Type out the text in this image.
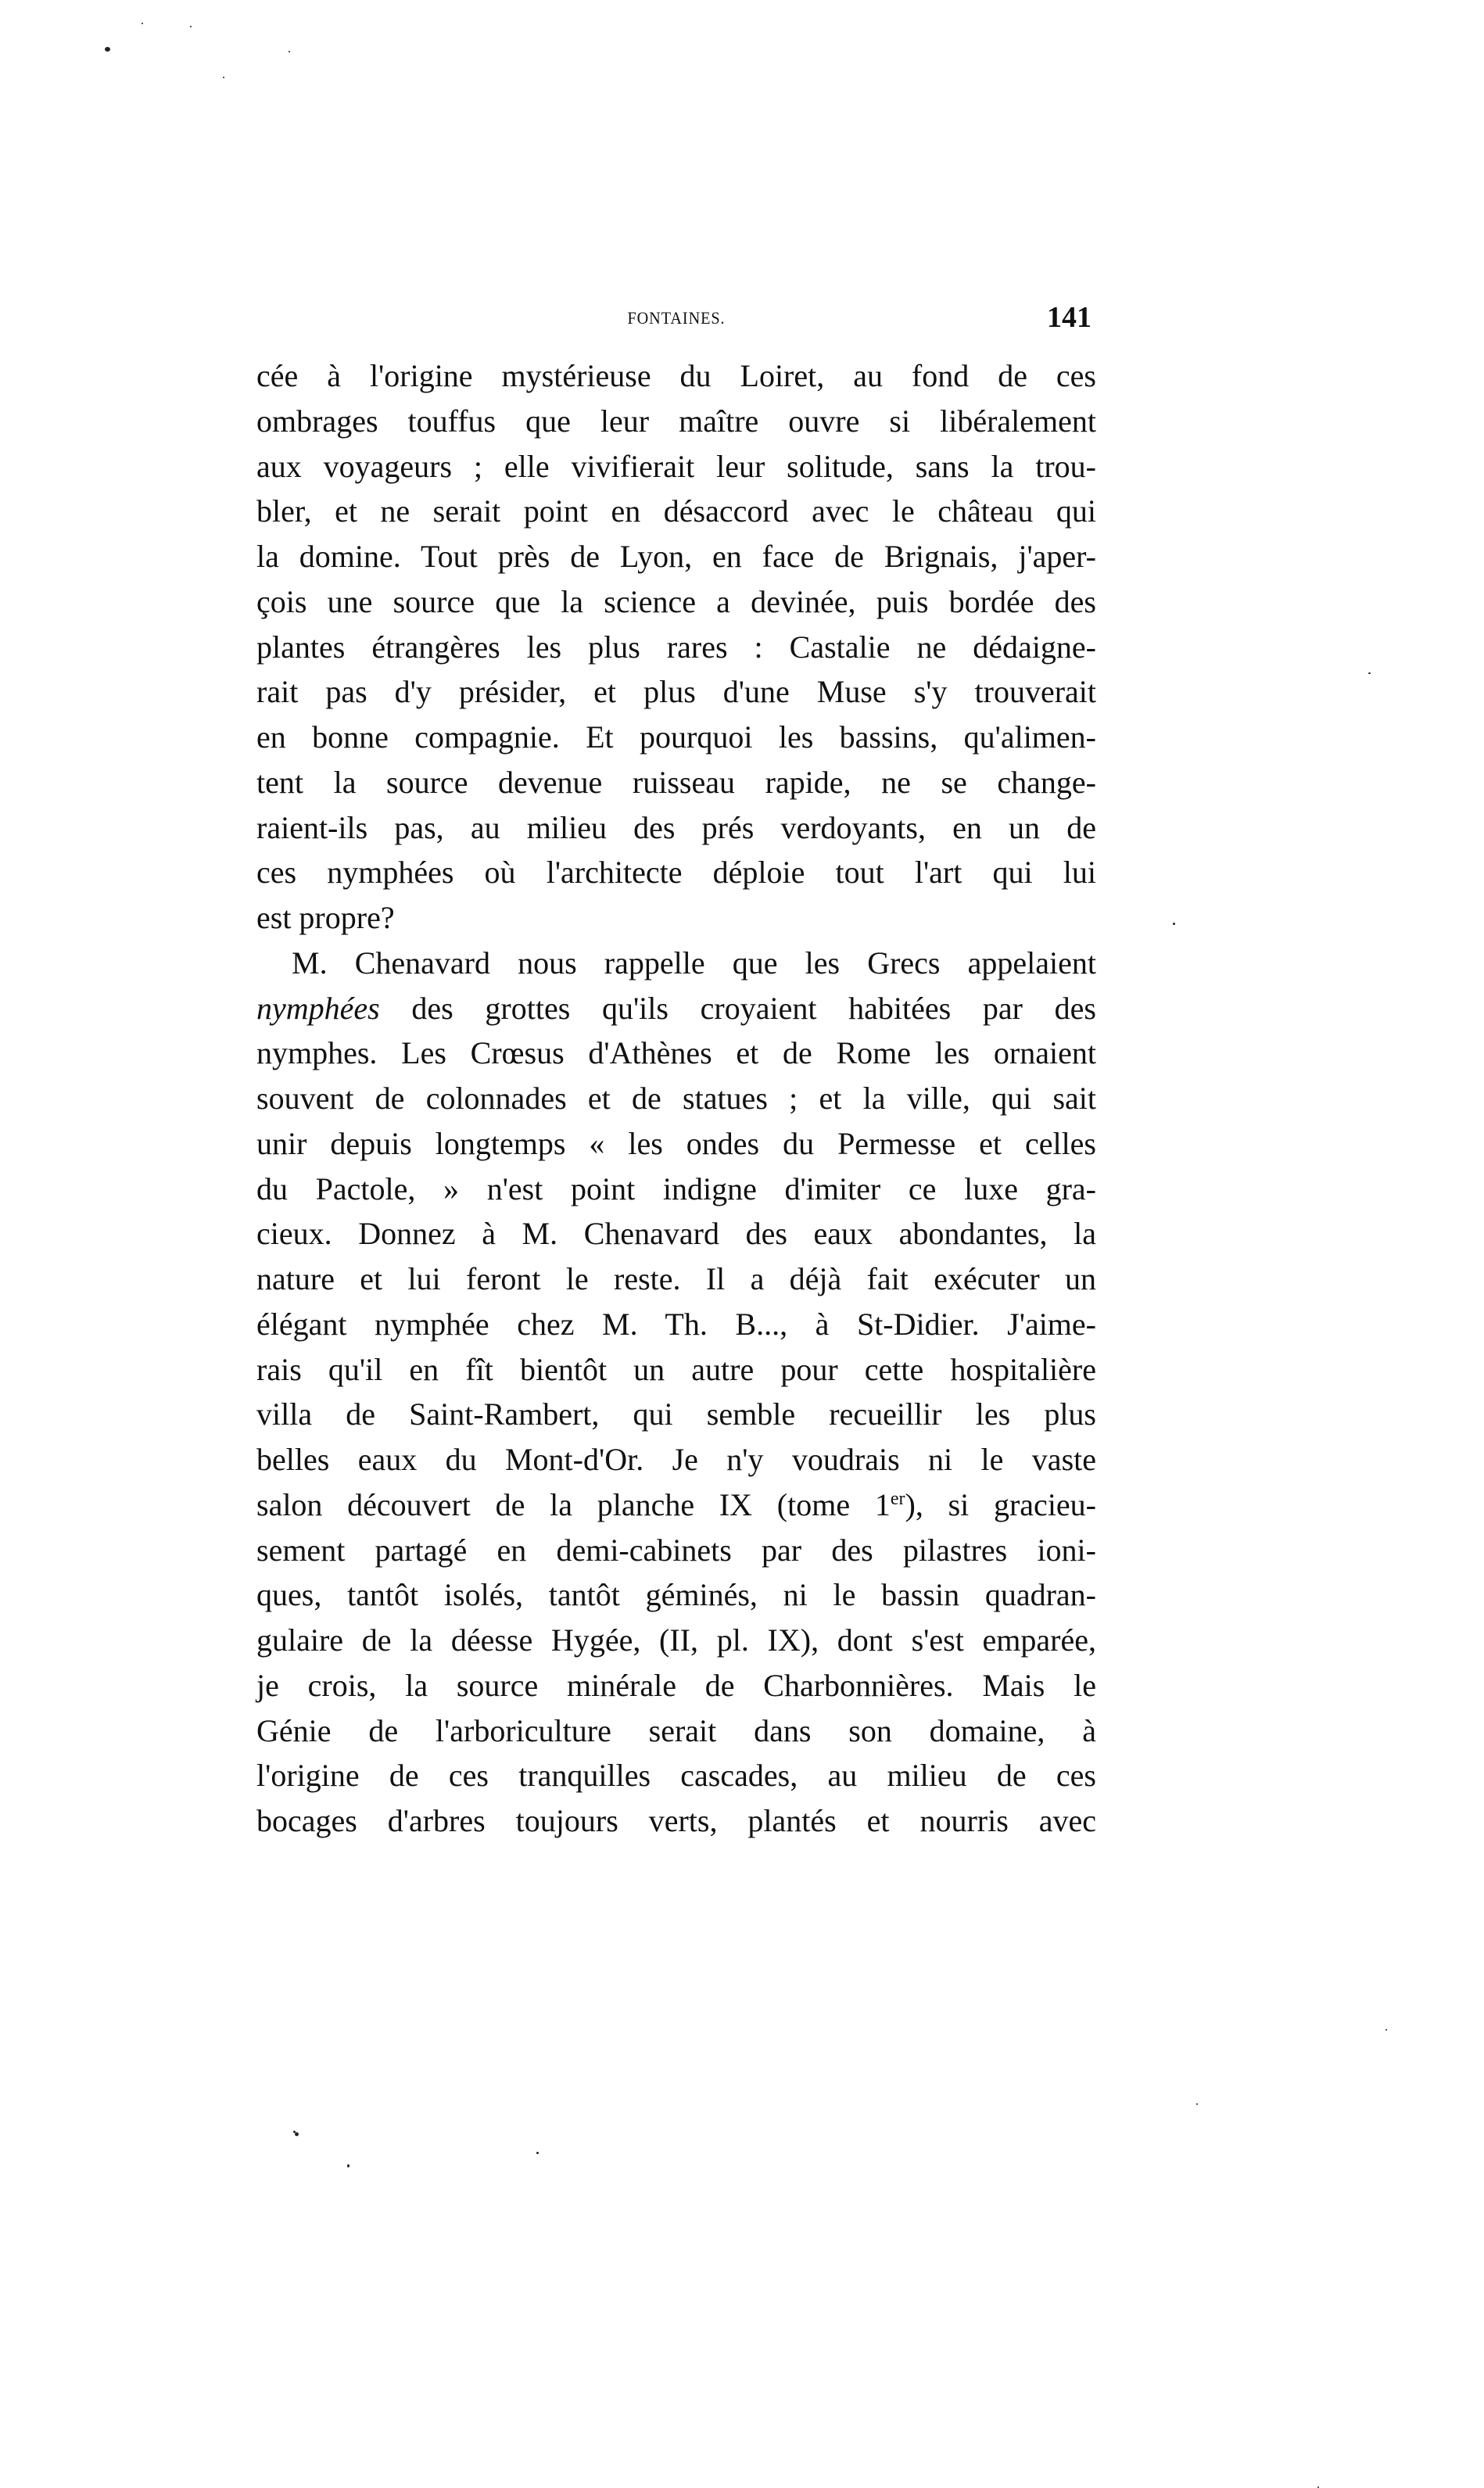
FONTAINES.	141
cée à l'origine mystérieuse du Loiret, au fond de ces
ombrages touffus que leur maître ouvre si libéralement
aux voyageurs ; elle vivifierait leur solitude, sans la trou-
bler, et ne serait point en désaccord avec le château qui
la domine. Tout près de Lyon, en face de Brignais, j'aper-
çois une source que la science a devinée, puis bordée des
plantes étrangères les plus rares : Castalie ne dédaigne-
rait pas d'y présider, et plus d'une Muse s'y trouverait
en bonne compagnie. Et pourquoi les bassins, qu'alimen-
tent la source devenue ruisseau rapide, ne se change-
raient-ils pas, au milieu des prés verdoyants, en un de
ces nymphées où l'architecte déploie tout l'art qui lui
est propre?
M. Chenavard nous rappelle que les Grecs appelaient
nymphées des grottes qu'ils croyaient habitées par des
nymphes. Les Crœsus d'Athènes et de Rome les ornaient
souvent de colonnades et de statues ; et la ville, qui sait
unir depuis longtemps « les ondes du Permesse et celles
du Pactole, » n'est point indigne d'imiter ce luxe gra-
cieux. Donnez à M. Chenavard des eaux abondantes, la
nature et lui feront le reste. Il a déjà fait exécuter un
élégant nymphée chez M. Th. B..., à St-Didier. J'aime-
rais qu'il en fît bientôt un autre pour cette hospitalière
villa de Saint-Rambert, qui semble recueillir les plus
belles eaux du Mont-d'Or. Je n'y voudrais ni le vaste
salon découvert de la planche IX (tome 1er), si gracieu-
sement partagé en demi-cabinets par des pilastres ioni-
ques, tantôt isolés, tantôt géminés, ni le bassin quadran-
gulaire de la déesse Hygée, (II, pl. IX), dont s'est emparée,
je crois, la source minérale de Charbonnières. Mais le
Génie de l'arboriculture serait dans son domaine, à
l'origine de ces tranquilles cascades, au milieu de ces
bocages d'arbres toujours verts, plantés et nourris avec
